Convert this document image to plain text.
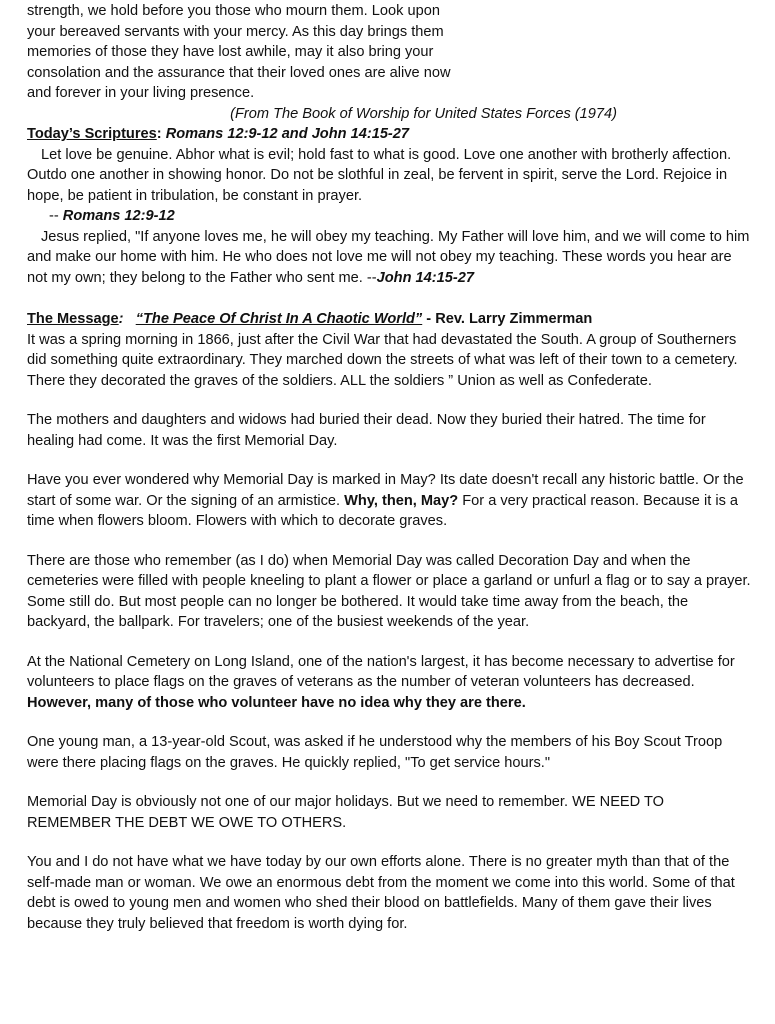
strength, we hold before you those who mourn them. Look upon

your bereaved servants with your mercy. As this day brings them

memories of those they have lost awhile, may it also bring your

consolation and the assurance that their loved ones are alive now

and forever in your living presence.

(From The Book of Worship for United States Forces (1974)

Today’s Scriptures: Romans 12:9-12 and John 14:15-27

Let love be genuine. Abhor what is evil; hold fast to what is good. Love one another with brotherly affection. Outdo one another in showing honor. Do not be slothful in zeal, be fervent in spirit, serve the Lord. Rejoice in hope, be patient in tribulation, be constant in prayer.

-- Romans 12:9-12

Jesus replied, "If anyone loves me, he will obey my teaching. My Father will love him, and we will come to him and make our home with him. He who does not love me will not obey my teaching. These words you hear are not my own; they belong to the Father who sent me. --John 14:15-27

The Message: “The Peace Of Christ In A Chaotic World” - Rev. Larry Zimmerman

It was a spring morning in 1866, just after the Civil War that had devastated the South. A group of Southerners did something quite extraordinary. They marched down the streets of what was left of their town to a cemetery. There they decorated the graves of the soldiers. ALL the soldiers ” Union as well as Confederate.

The mothers and daughters and widows had buried their dead. Now they buried their hatred. The time for healing had come. It was the first Memorial Day.

Have you ever wondered why Memorial Day is marked in May? Its date doesn't recall any historic battle. Or the start of some war. Or the signing of an armistice. Why, then, May? For a very practical reason. Because it is a time when flowers bloom. Flowers with which to decorate graves.

There are those who remember (as I do) when Memorial Day was called Decoration Day and when the cemeteries were filled with people kneeling to plant a flower or place a garland or unfurl a flag or to say a prayer. Some still do. But most people can no longer be bothered. It would take time away from the beach, the backyard, the ballpark. For travelers; one of the busiest weekends of the year.

At the National Cemetery on Long Island, one of the nation's largest, it has become necessary to advertise for volunteers to place flags on the graves of veterans as the number of veteran volunteers has decreased. However, many of those who volunteer have no idea why they are there.

One young man, a 13-year-old Scout, was asked if he understood why the members of his Boy Scout Troop were there placing flags on the graves. He quickly replied, "To get service hours."

Memorial Day is obviously not one of our major holidays. But we need to remember. WE NEED TO REMEMBER THE DEBT WE OWE TO OTHERS.

You and I do not have what we have today by our own efforts alone. There is no greater myth than that of the self-made man or woman. We owe an enormous debt from the moment we come into this world. Some of that debt is owed to young men and women who shed their blood on battlefields. Many of them gave their lives because they truly believed that freedom is worth dying for.
